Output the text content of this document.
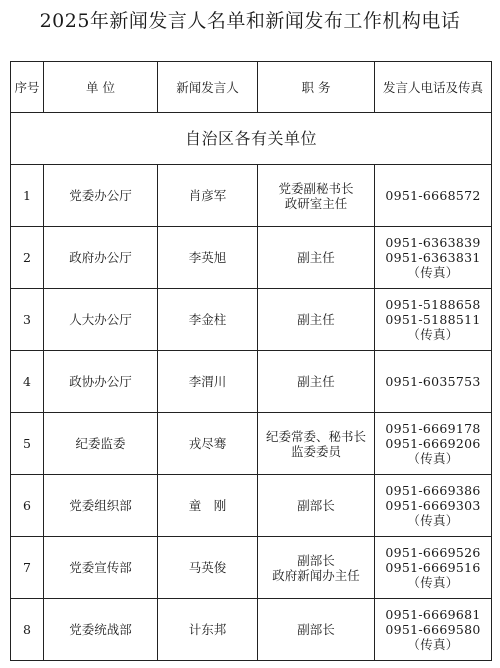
2025年新闻发言人名单和新闻发布工作机构电话
序号	单 位	新闻发言人	职 务	发言人电话及传真
自治区各有关单位				

1	党委办公厅	肖彦军	党委副秘书长
政研室主任	0951-6668572

2	政府办公厅	李英旭	副主任	0951-6363839
0951-6363831
（传真）

3	人大办公厅	李金柱	副主任	0951-5188658
0951-5188511
（传真）

4	政协办公厅	李渭川	副主任	0951-6035753

5	纪委监委	戎尽骞	纪委常委、秘书长
监委委员	0951-6669178
0951-6669206
（传真）

6	党委组织部	童　刚	副部长	0951-6669386
0951-6669303
（传真）

7	党委宣传部	马英俊	副部长
政府新闻办主任	0951-6669526
0951-6669516
（传真）

8	党委统战部	计东邦	副部长	0951-6669681
0951-6669580
（传真）
